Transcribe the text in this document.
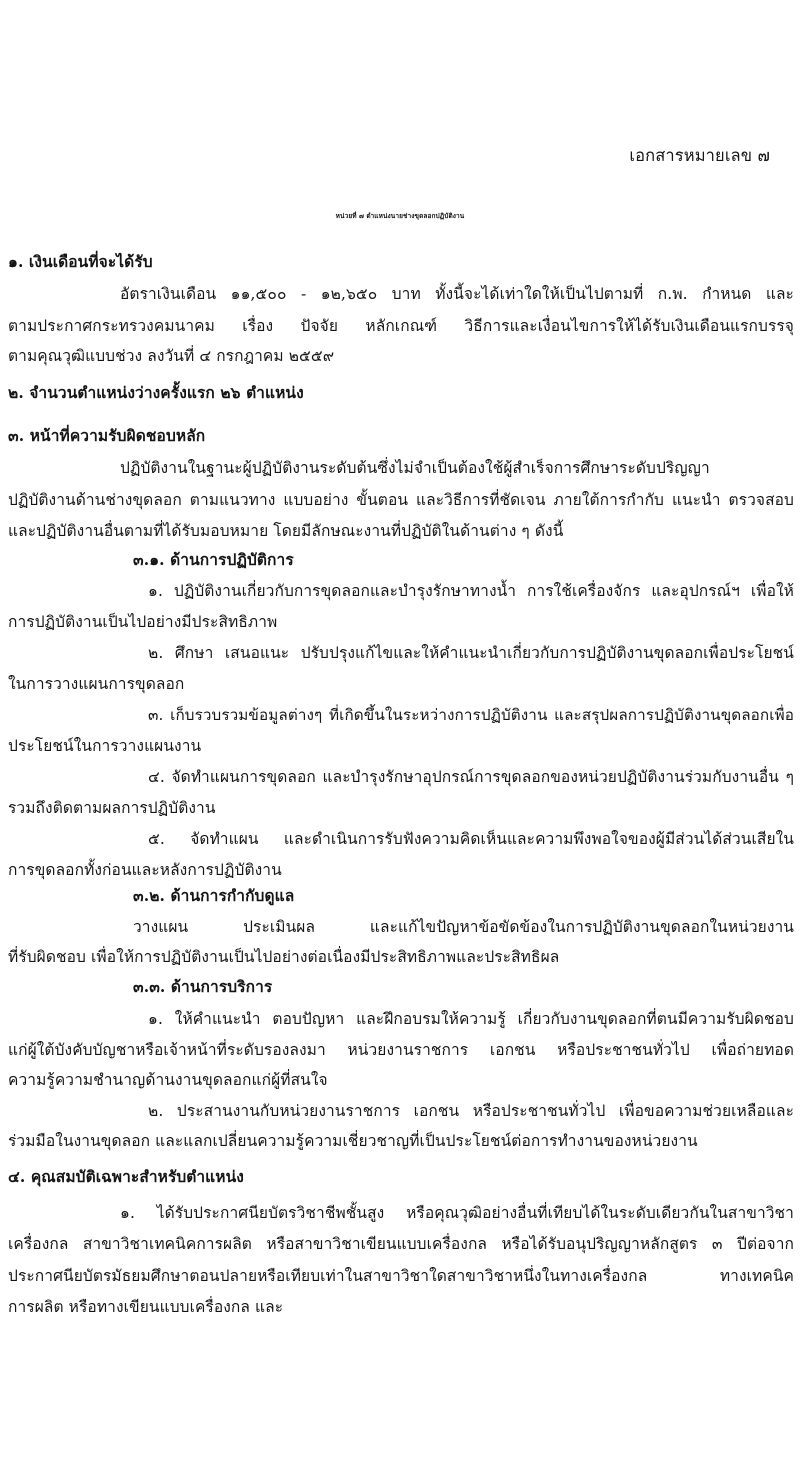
เอกสารหมายเลข ๗
หน่วยที่ ๗ ตำแหน่งนายช่างขุดลอกปฏิบัติงาน
๑. เงินเดือนที่จะได้รับ
อัตราเงินเดือน ๑๑,๕๐๐ - ๑๒,๖๕๐ บาท ทั้งนี้จะได้เท่าใดให้เป็นไปตามที่ ก.พ. กำหนด และ
ตามประกาศกระทรวงคมนาคม เรื่อง ปัจจัย หลักเกณฑ์ วิธีการและเงื่อนไขการให้ได้รับเงินเดือนแรกบรรจุ
ตามคุณวุฒิแบบช่วง ลงวันที่ ๔ กรกฎาคม ๒๕๕๙
๒. จำนวนตำแหน่งว่างครั้งแรก ๒๖ ตำแหน่ง
๓. หน้าที่ความรับผิดชอบหลัก
ปฏิบัติงานในฐานะผู้ปฏิบัติงานระดับต้นซึ่งไม่จำเป็นต้องใช้ผู้สำเร็จการศึกษาระดับปริญญา
ปฏิบัติงานด้านช่างขุดลอก ตามแนวทาง แบบอย่าง ขั้นตอน และวิธีการที่ชัดเจน ภายใต้การกำกับ แนะนำ ตรวจสอบ
และปฏิบัติงานอื่นตามที่ได้รับมอบหมาย โดยมีลักษณะงานที่ปฏิบัติในด้านต่าง ๆ ดังนี้
๓.๑. ด้านการปฏิบัติการ
๑. ปฏิบัติงานเกี่ยวกับการขุดลอกและบำรุงรักษาทางน้ำ การใช้เครื่องจักร และอุปกรณ์ฯ เพื่อให้
การปฏิบัติงานเป็นไปอย่างมีประสิทธิภาพ
๒. ศึกษา เสนอแนะ ปรับปรุงแก้ไขและให้คำแนะนำเกี่ยวกับการปฏิบัติงานขุดลอกเพื่อประโยชน์
ในการวางแผนการขุดลอก
๓. เก็บรวบรวมข้อมูลต่างๆ ที่เกิดขึ้นในระหว่างการปฏิบัติงาน และสรุปผลการปฏิบัติงานขุดลอกเพื่อ
ประโยชน์ในการวางแผนงาน
๔. จัดทำแผนการขุดลอก และบำรุงรักษาอุปกรณ์การขุดลอกของหน่วยปฏิบัติงานร่วมกับงานอื่น ๆ
รวมถึงติดตามผลการปฏิบัติงาน
๕. จัดทำแผน และดำเนินการรับฟังความคิดเห็นและความพึงพอใจของผู้มีส่วนได้ส่วนเสียใน
การขุดลอกทั้งก่อนและหลังการปฏิบัติงาน
๓.๒. ด้านการกำกับดูแล
วางแผน ประเมินผล และแก้ไขปัญหาข้อขัดข้องในการปฏิบัติงานขุดลอกในหน่วยงาน
ที่รับผิดชอบ เพื่อให้การปฏิบัติงานเป็นไปอย่างต่อเนื่องมีประสิทธิภาพและประสิทธิผล
๓.๓. ด้านการบริการ
๑. ให้คำแนะนำ ตอบปัญหา และฝึกอบรมให้ความรู้ เกี่ยวกับงานขุดลอกที่ตนมีความรับผิดชอบ
แก่ผู้ใต้บังคับบัญชาหรือเจ้าหน้าที่ระดับรองลงมา หน่วยงานราชการ เอกชน หรือประชาชนทั่วไป เพื่อถ่ายทอด
ความรู้ความชำนาญด้านงานขุดลอกแก่ผู้ที่สนใจ
๒. ประสานงานกับหน่วยงานราชการ เอกชน หรือประชาชนทั่วไป เพื่อขอความช่วยเหลือและ
ร่วมมือในงานขุดลอก และแลกเปลี่ยนความรู้ความเชี่ยวชาญที่เป็นประโยชน์ต่อการทำงานของหน่วยงาน
๔. คุณสมบัติเฉพาะสำหรับตำแหน่ง
๑. ได้รับประกาศนียบัตรวิชาชีพชั้นสูง หรือคุณวุฒิอย่างอื่นที่เทียบได้ในระดับเดียวกันในสาขาวิชา
เครื่องกล สาขาวิชาเทคนิคการผลิต หรือสาขาวิชาเขียนแบบเครื่องกล หรือได้รับอนุปริญญาหลักสูตร ๓ ปีต่อจาก
ประกาศนียบัตรมัธยมศึกษาตอนปลายหรือเทียบเท่าในสาขาวิชาใดสาขาวิชาหนึ่งในทางเครื่องกล ทางเทคนิค
การผลิต หรือทางเขียนแบบเครื่องกล และ
